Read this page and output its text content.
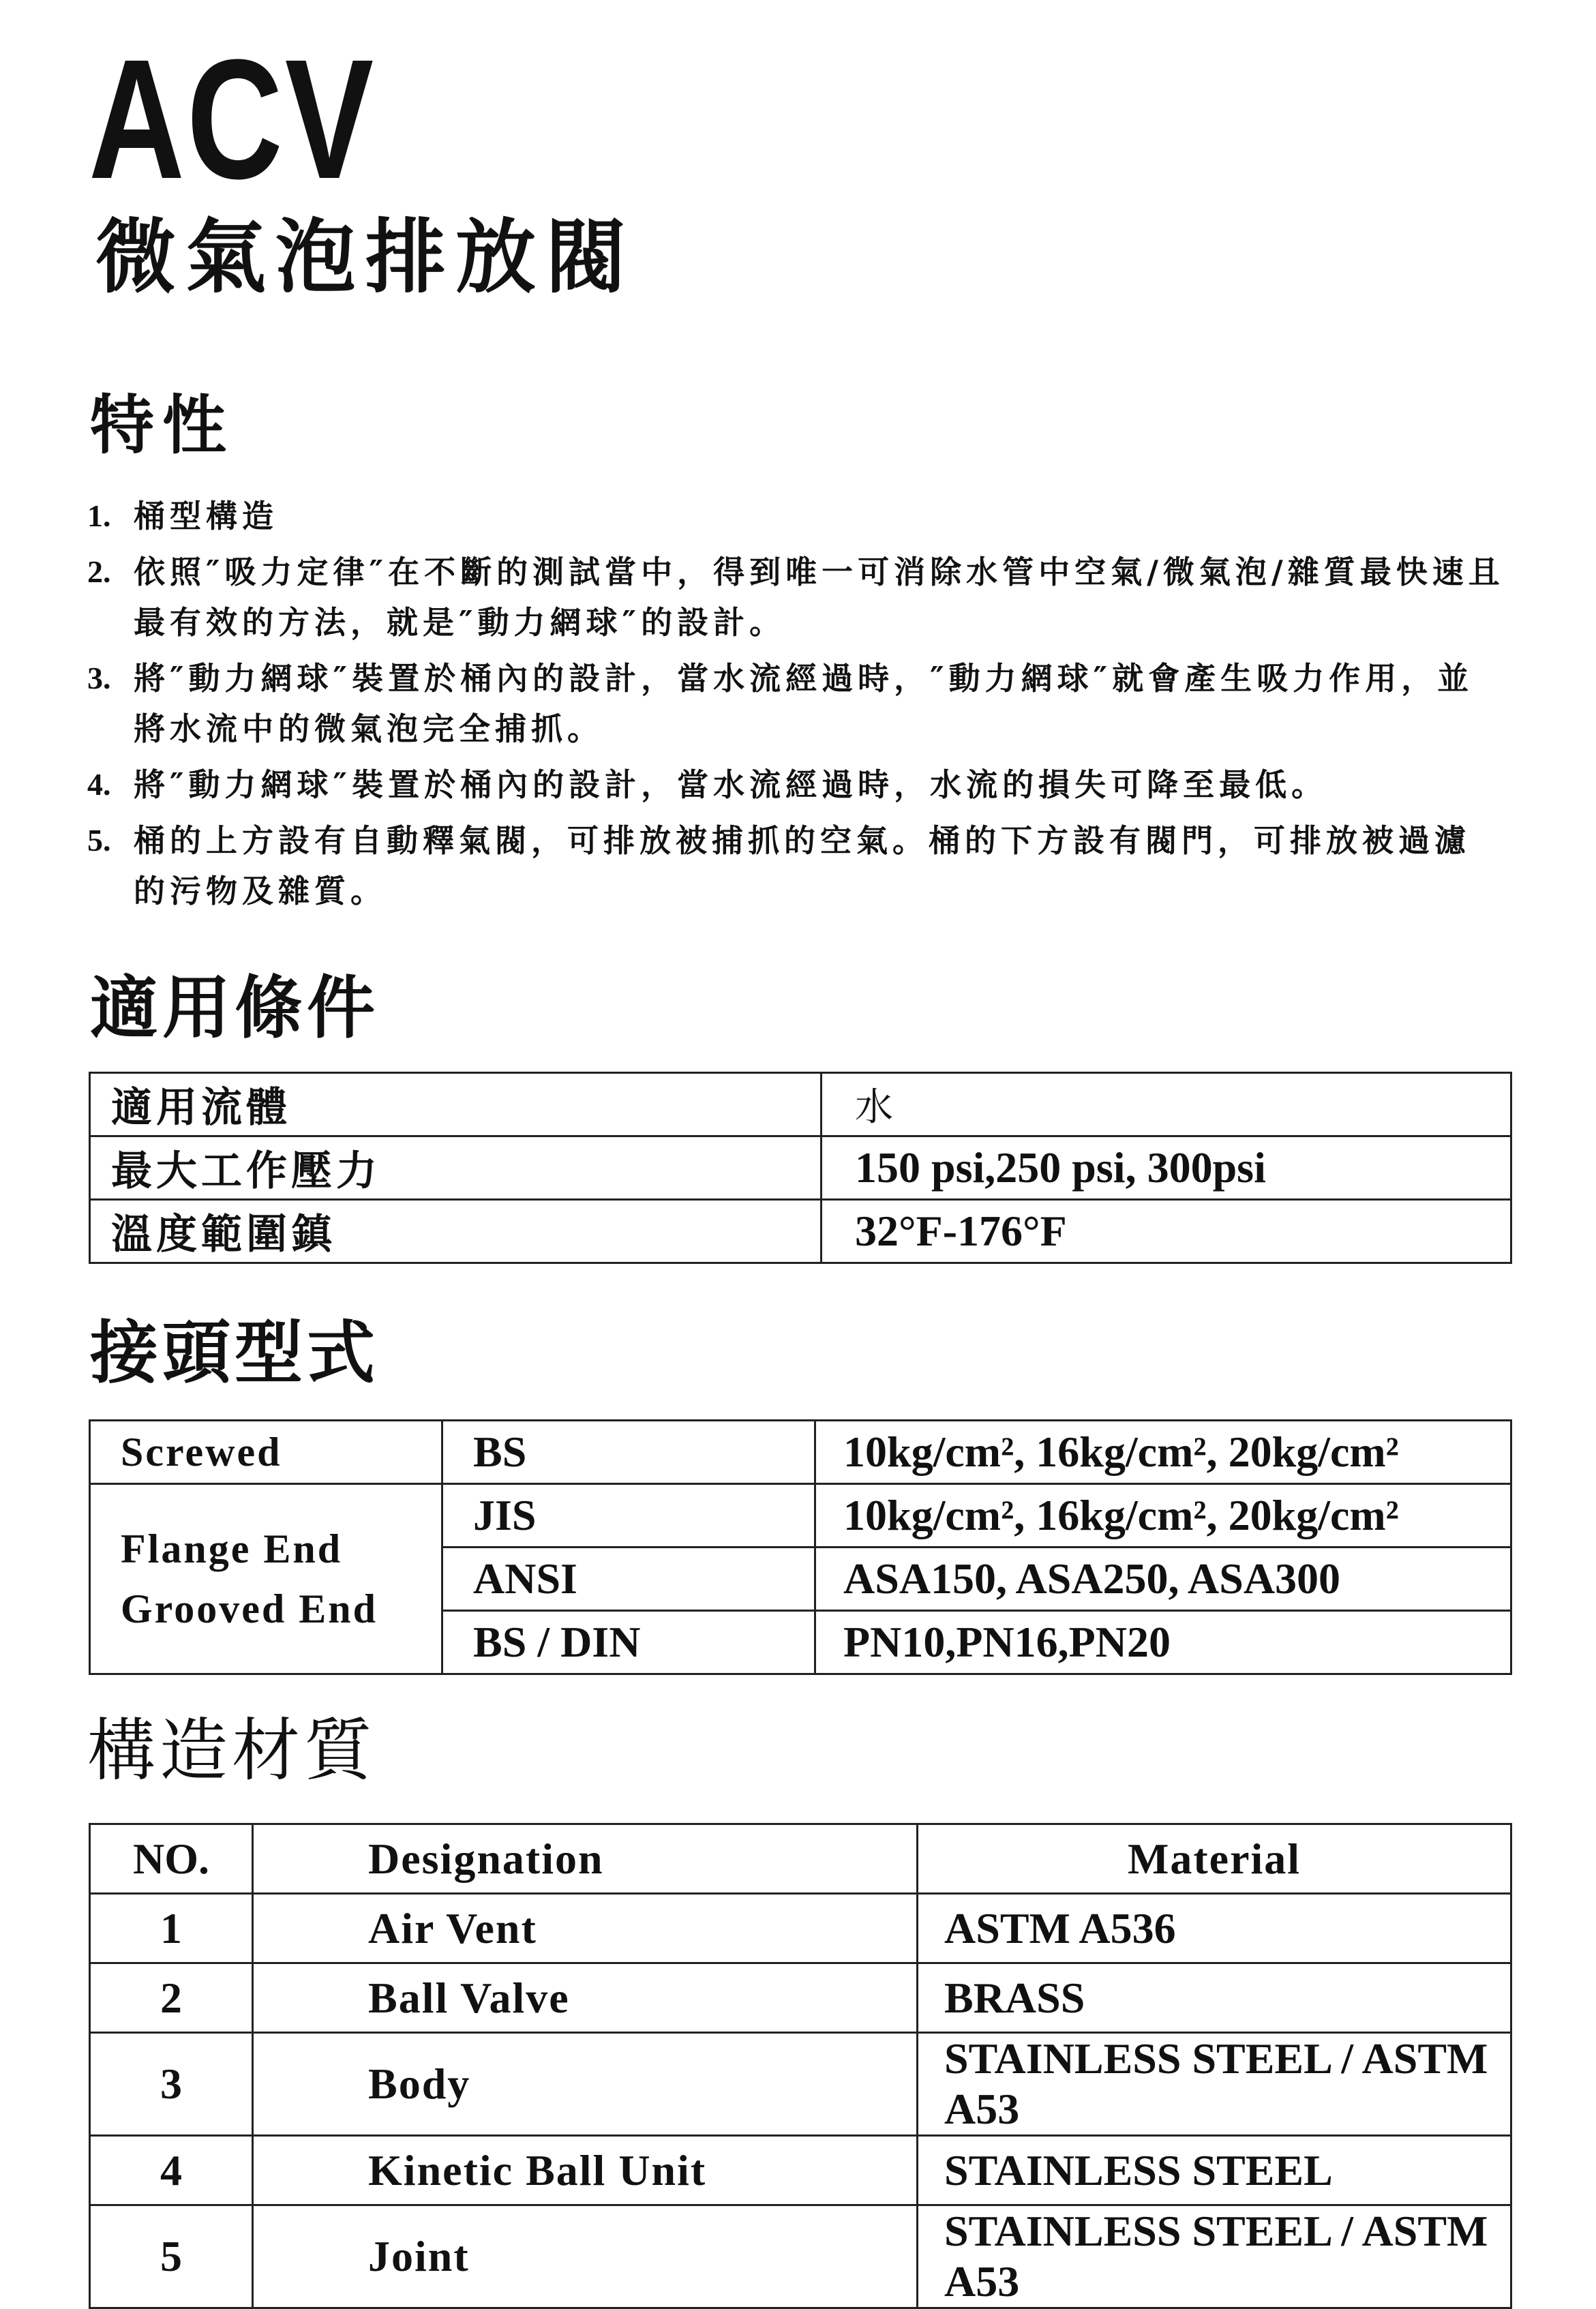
ACV
微氣泡排放閥
特性
1. 桶型構造
2. 依照″吸力定律″在不斷的測試當中，得到唯一可消除水管中空氣/微氣泡/雜質最快速且最有效的方法，就是″動力網球″的設計。
3. 將″動力網球″裝置於桶內的設計，當水流經過時，″動力網球″就會產生吸力作用，並將水流中的微氣泡完全捕抓。
4. 將″動力網球″裝置於桶內的設計，當水流經過時，水流的損失可降至最低。
5. 桶的上方設有自動釋氣閥，可排放被捕抓的空氣。桶的下方設有閥門，可排放被過濾的污物及雜質。
適用條件
適用流體	水
最大工作壓力	150 psi,250 psi, 300psi
溫度範圍鎮	32°F-176°F
接頭型式
Screwed	BS	10kg/cm², 16kg/cm², 20kg/cm²

Flange End
Grooved End	JIS	10kg/cm², 16kg/cm², 20kg/cm²
	ANSI	ASA150, ASA250, ASA300
	BS / DIN	PN10,PN16,PN20
構造材質
NO.	Designation	Material
1	Air Vent	ASTM A536
2	Ball Valve	BRASS
3	Body	STAINLESS STEEL / ASTM A53
4	Kinetic Ball Unit	STAINLESS STEEL
5	Joint	STAINLESS STEEL / ASTM A53
